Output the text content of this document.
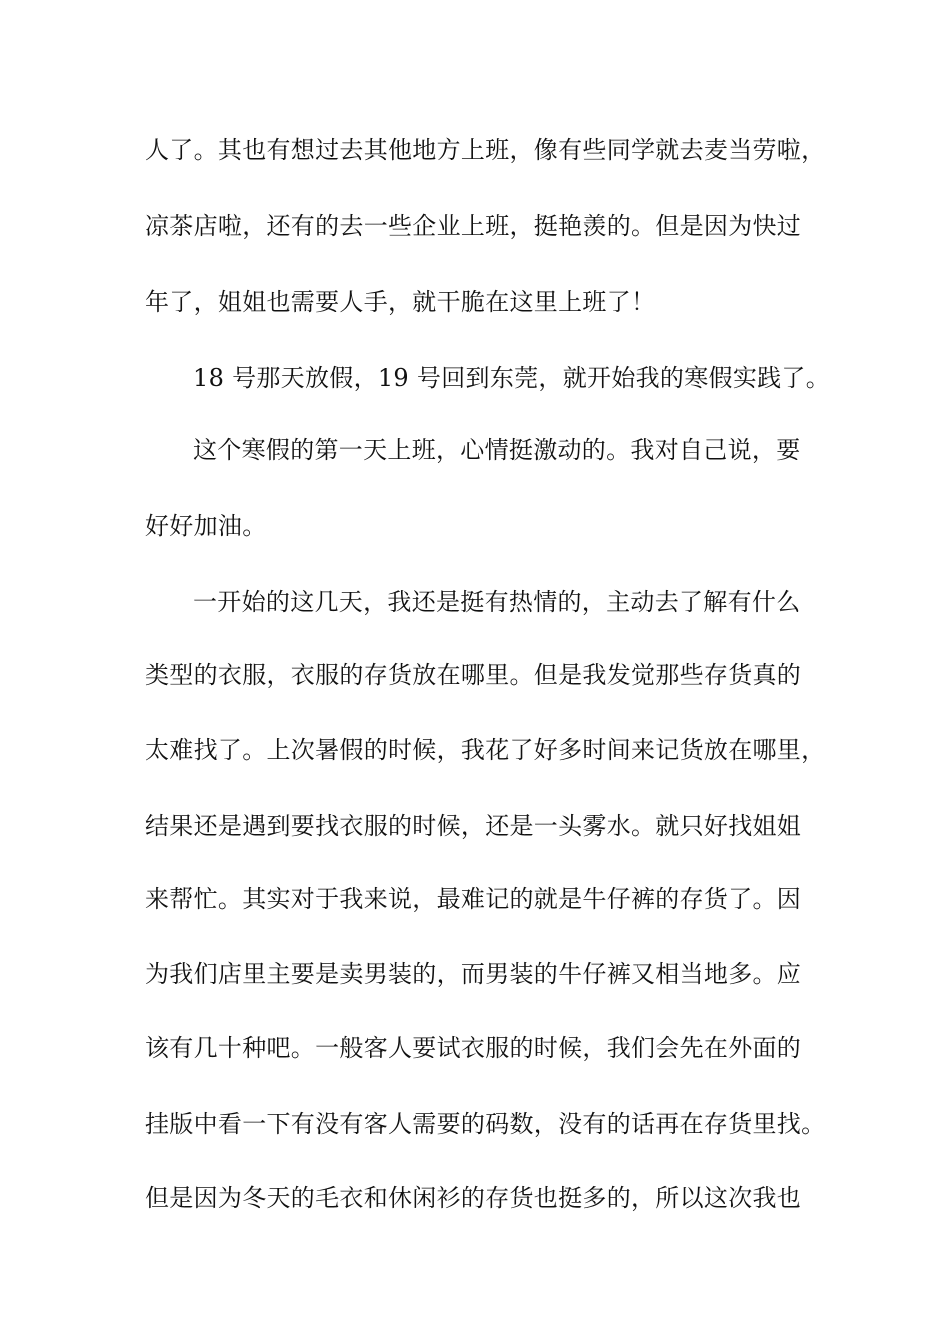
人了。其也有想过去其他地方上班，像有些同学就去麦当劳啦，
凉茶店啦，还有的去一些企业上班，挺艳羡的。但是因为快过
年了，姐姐也需要人手，就干脆在这里上班了！
18 号那天放假，19 号回到东莞，就开始我的寒假实践了。
这个寒假的第一天上班，心情挺激动的。我对自己说，要
好好加油。
一开始的这几天，我还是挺有热情的，主动去了解有什么
类型的衣服，衣服的存货放在哪里。但是我发觉那些存货真的
太难找了。上次暑假的时候，我花了好多时间来记货放在哪里，
结果还是遇到要找衣服的时候，还是一头雾水。就只好找姐姐
来帮忙。其实对于我来说，最难记的就是牛仔裤的存货了。因
为我们店里主要是卖男装的，而男装的牛仔裤又相当地多。应
该有几十种吧。一般客人要试衣服的时候，我们会先在外面的
挂版中看一下有没有客人需要的码数，没有的话再在存货里找。
但是因为冬天的毛衣和休闲衫的存货也挺多的，所以这次我也
